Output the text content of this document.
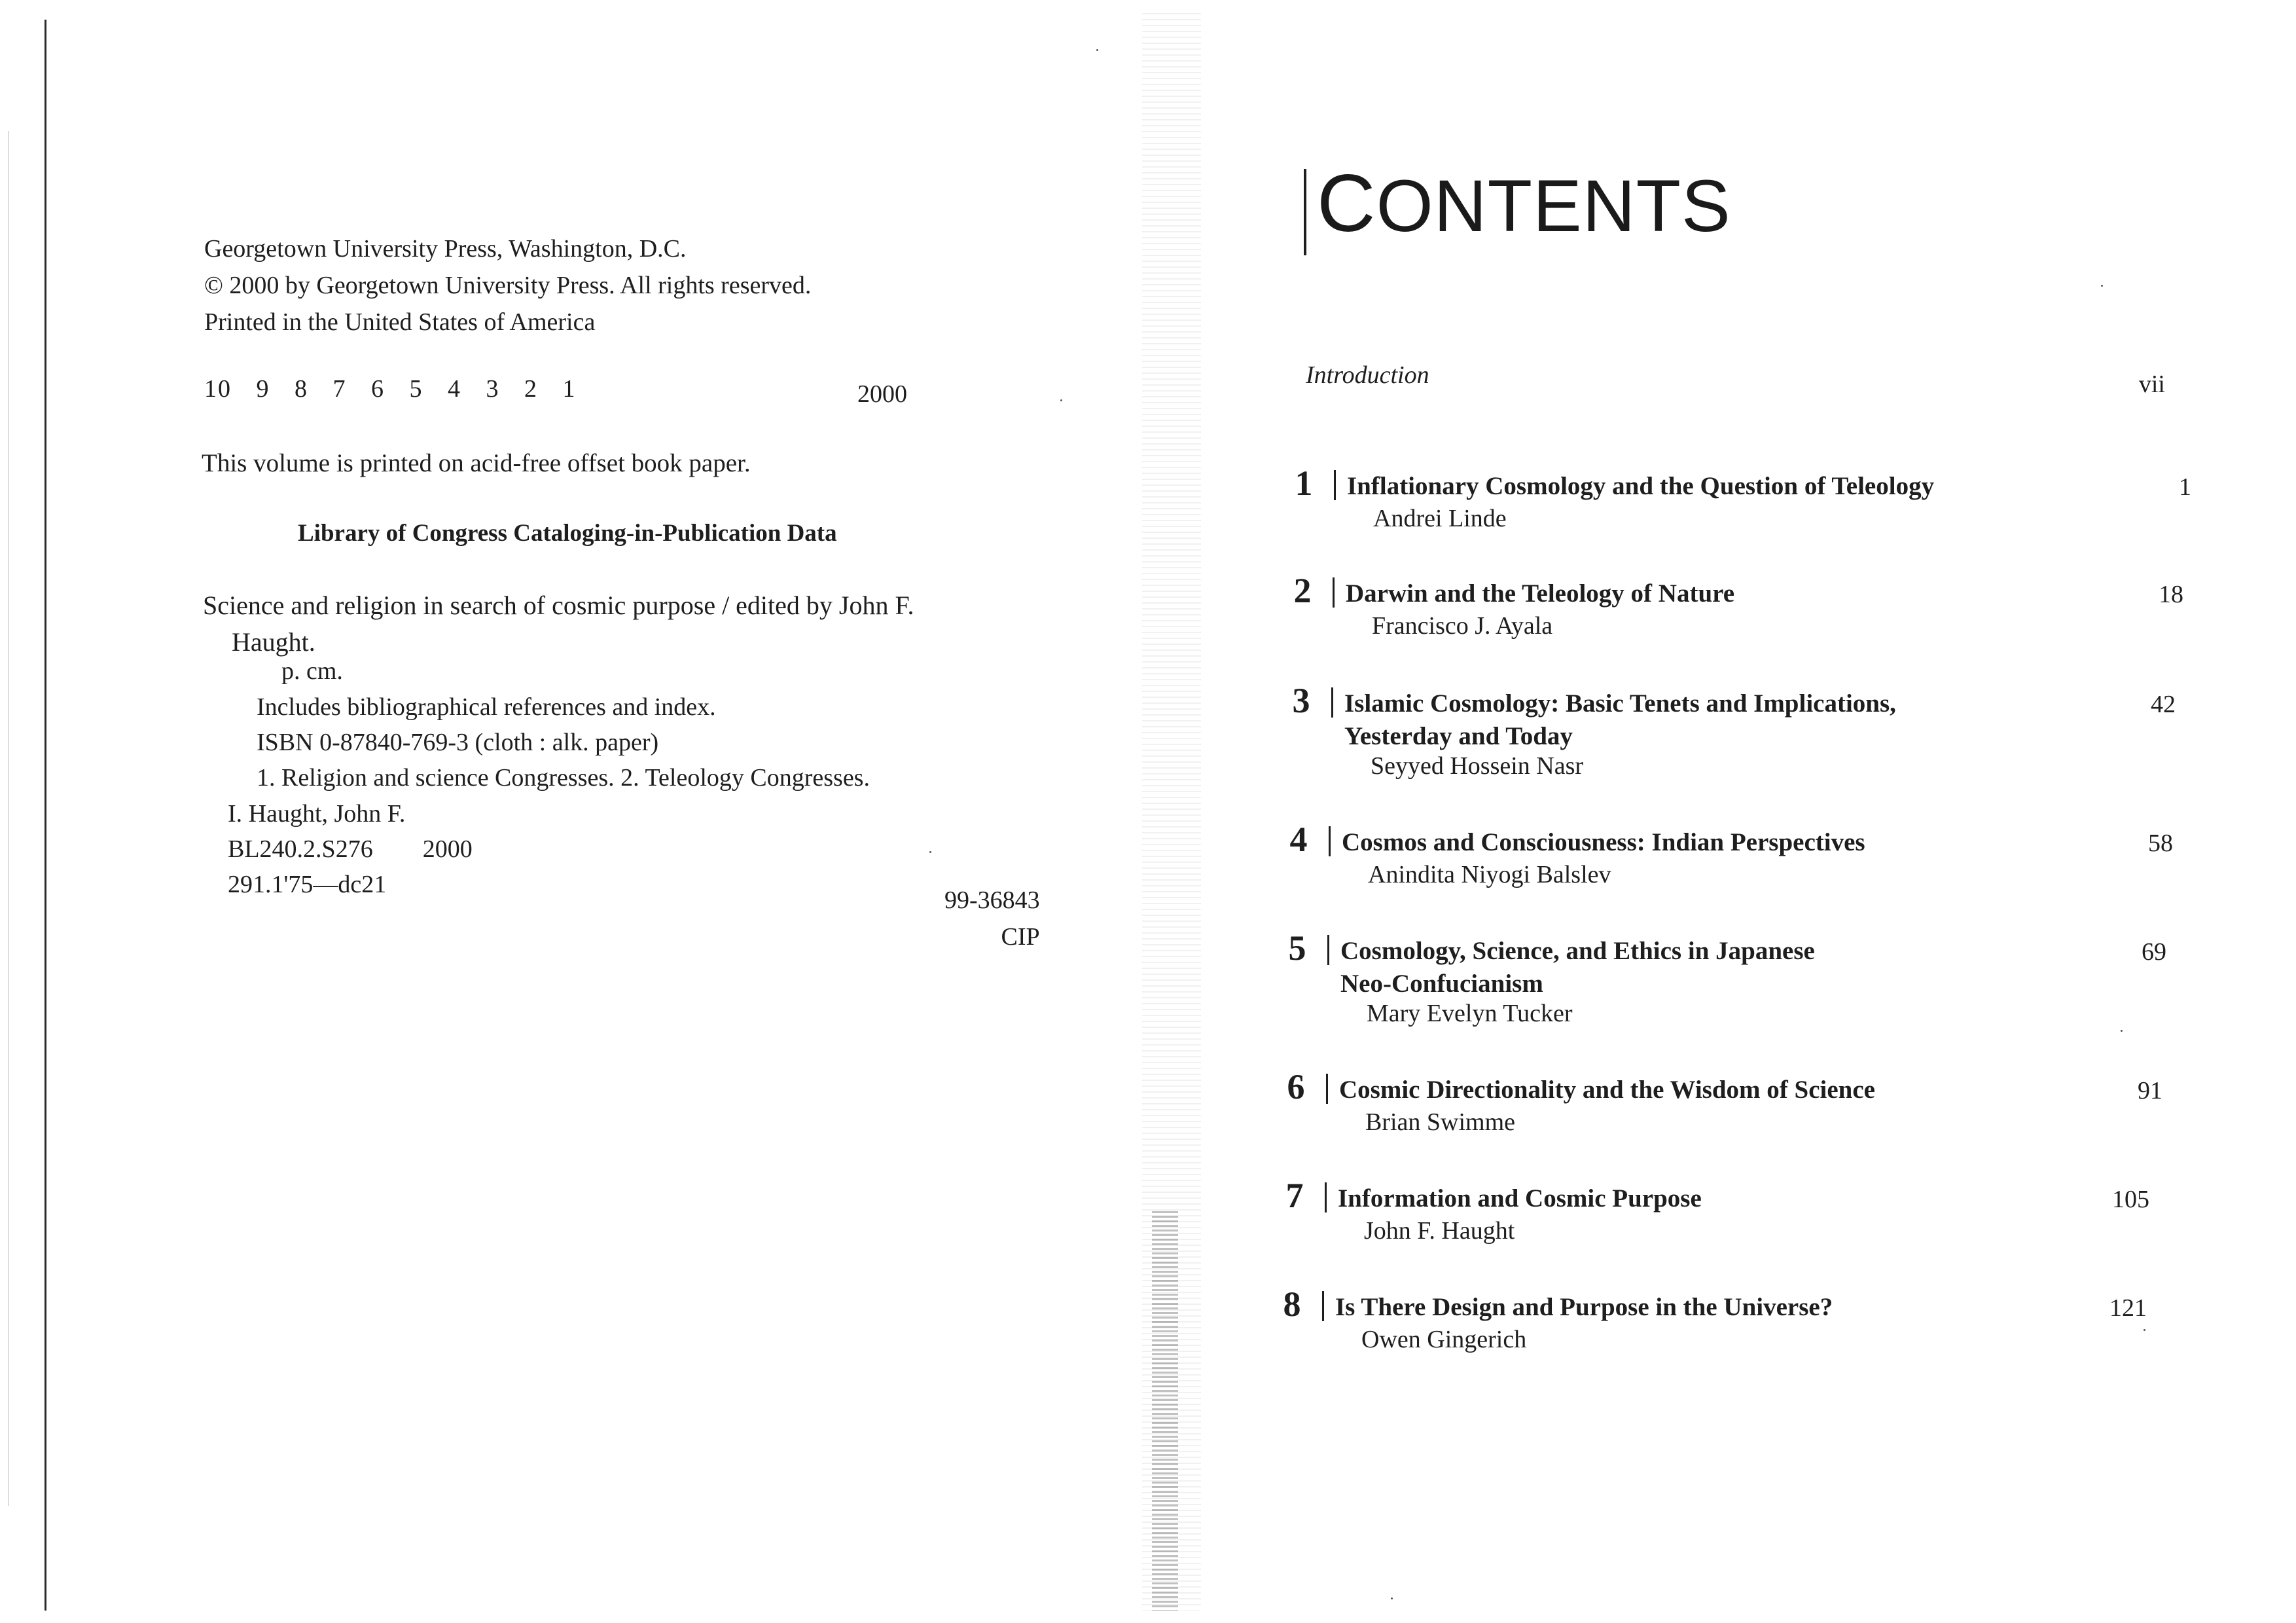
Georgetown University Press, Washington, D.C.
© 2000 by Georgetown University Press. All rights reserved.
Printed in the United States of America
10 9 8 7 6 5 4 3 2 1	2000
This volume is printed on acid-free offset book paper.
Library of Congress Cataloging-in-Publication Data
Science and religion in search of cosmic purpose / edited by John F.
Haught.
p. cm.
Includes bibliographical references and index.
ISBN 0-87840-769-3 (cloth : alk. paper)
1. Religion and science Congresses. 2. Teleology Congresses.
I. Haught, John F.
BL240.2.S276        2000
291.1'75—dc21
99-36843
CIP
CONTENTS
Introduction	vii
1 Inflationary Cosmology and the Question of Teleology
Andrei Linde
1
2 Darwin and the Teleology of Nature
Francisco J. Ayala
18
3 Islamic Cosmology: Basic Tenets and Implications,
Yesterday and Today
Seyyed Hossein Nasr
42
4 Cosmos and Consciousness: Indian Perspectives
Anindita Niyogi Balslev
58
5 Cosmology, Science, and Ethics in Japanese
Neo-Confucianism
Mary Evelyn Tucker
69
6 Cosmic Directionality and the Wisdom of Science
Brian Swimme
91
7 Information and Cosmic Purpose
John F. Haught
105
8 Is There Design and Purpose in the Universe?
Owen Gingerich
121
